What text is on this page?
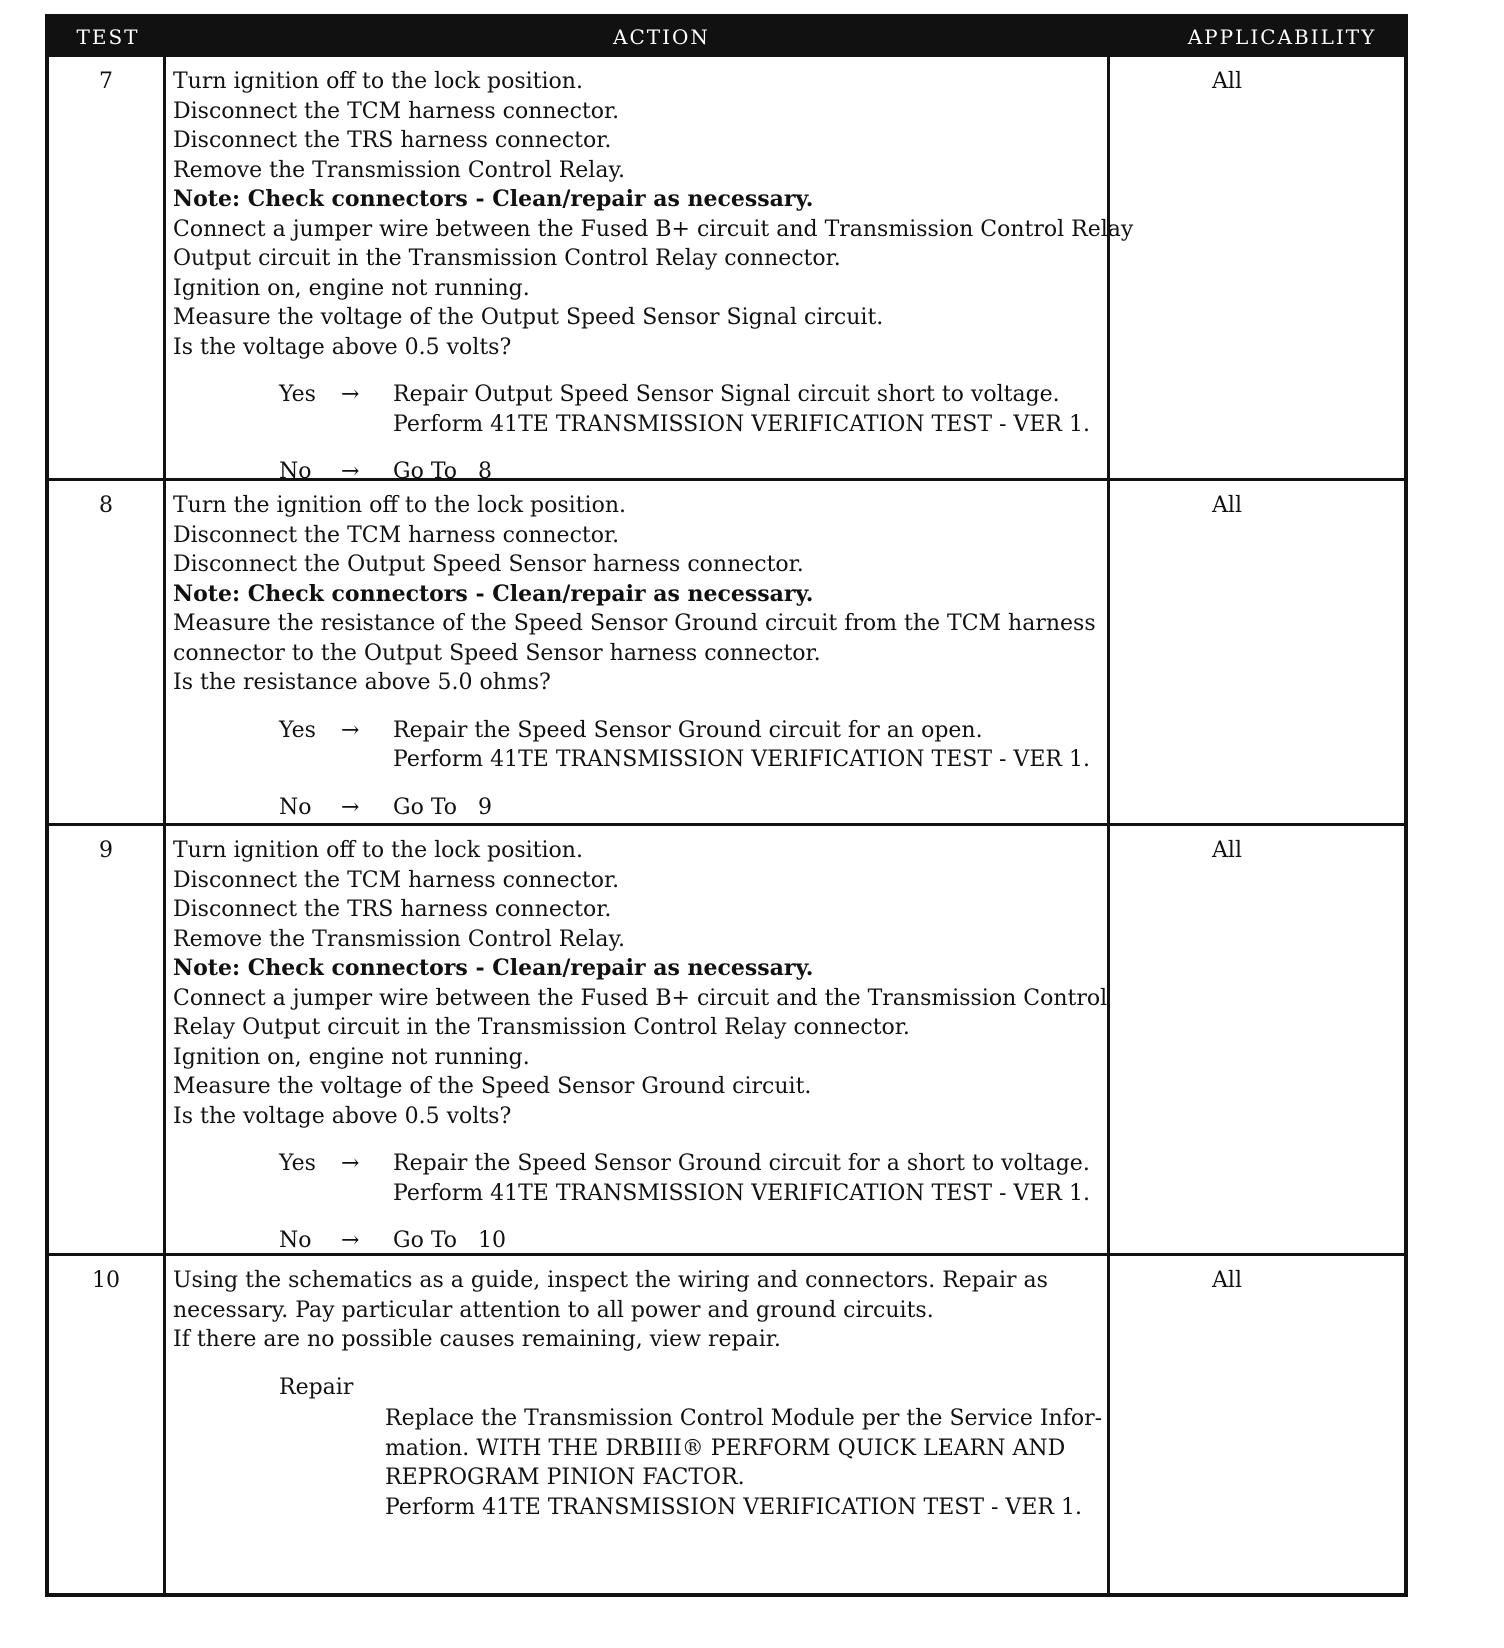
TEST	ACTION	APPLICABILITY
7	Turn ignition off to the lock position.
Disconnect the TCM harness connector.
Disconnect the TRS harness connector.
Remove the Transmission Control Relay.
Note: Check connectors - Clean/repair as necessary.
Connect a jumper wire between the Fused B+ circuit and Transmission Control Relay
Output circuit in the Transmission Control Relay connector.
Ignition on, engine not running.
Measure the voltage of the Output Speed Sensor Signal circuit.
Is the voltage above 0.5 volts?
Yes	→	Repair Output Speed Sensor Signal circuit short to voltage.
Perform 41TE TRANSMISSION VERIFICATION TEST - VER 1.
No	→	Go To   8
All
8	Turn the ignition off to the lock position.
Disconnect the TCM harness connector.
Disconnect the Output Speed Sensor harness connector.
Note: Check connectors - Clean/repair as necessary.
Measure the resistance of the Speed Sensor Ground circuit from the TCM harness
connector to the Output Speed Sensor harness connector.
Is the resistance above 5.0 ohms?
Yes	→	Repair the Speed Sensor Ground circuit for an open.
Perform 41TE TRANSMISSION VERIFICATION TEST - VER 1.
No	→	Go To   9
All
9	Turn ignition off to the lock position.
Disconnect the TCM harness connector.
Disconnect the TRS harness connector.
Remove the Transmission Control Relay.
Note: Check connectors - Clean/repair as necessary.
Connect a jumper wire between the Fused B+ circuit and the Transmission Control
Relay Output circuit in the Transmission Control Relay connector.
Ignition on, engine not running.
Measure the voltage of the Speed Sensor Ground circuit.
Is the voltage above 0.5 volts?
Yes	→	Repair the Speed Sensor Ground circuit for a short to voltage.
Perform 41TE TRANSMISSION VERIFICATION TEST - VER 1.
No	→	Go To   10
All
10	Using the schematics as a guide, inspect the wiring and connectors. Repair as
necessary. Pay particular attention to all power and ground circuits.
If there are no possible causes remaining, view repair.
Repair
Replace the Transmission Control Module per the Service Infor-
mation. WITH THE DRBIII® PERFORM QUICK LEARN AND
REPROGRAM PINION FACTOR.
Perform 41TE TRANSMISSION VERIFICATION TEST - VER 1.
All
